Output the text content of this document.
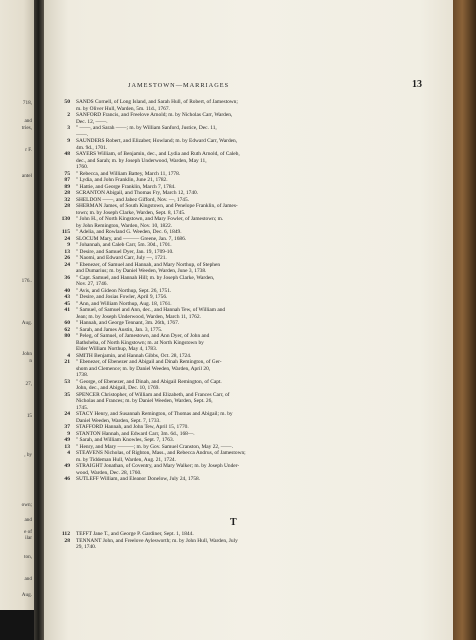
718,
and
tries,
r F.
antel
176..
Aug.
John
n
27,
15
, by
own;
and
e of
ilar
ton,
and
Aug.
JAMESTOWN—MARRIAGES	13
50 SANDS Cornell, of Long Island, and Sarah Hull, of Robert, of Jamestown;
m. by Oliver Hull, Warden, 5m. 11d., 1767.
2 SANFORD Francis, and Freelove Arnold; m. by Nicholas Carr, Warden,
Dec. 12, ——.
3 " ——, and Sarah ——; m. by William Sanford, Justice, Dec. 11,
——.
9 SAUNDERS Robert, and Elizabet; Howland; m. by Edward Carr, Warden,
4m. 9d., 1701.
48 SAYERS William, of Benjamin, dec., and Lydia and Ruth Arnold, of Caleb,
dec., and Sarah; m. by Joseph Underwood, Warden, May 11,
1760.
75 " Rebecca, and William Battey, March 11, 1778.
87 " Lydia, and John Franklin, June 21, 1782.
89 " Hattie, and George Franklin, March 7, 1784.
28 SCRANTON Abigail, and Thomas Fry, March 12, 1740.
32 SHELDON ——, and Jabez Gifford, Nov. —, 1745.
28 SHERMAN James, of South Kingstown, and Penelope Franklin, of James-
town; m. by Joseph Clarke, Warden, Sept. 8, 1745.
130 " John H., of North Kingstown, and Mary Fowler, of Jamestown; m.
by John Remington, Warden, Nov. 10, 1822.
115 " Adelia, and Rowland G. Weeden, Dec. 6, 1849.
24 SLOCUM Mary, and ——— Greene, Jan. 7, 1686.
9 " Johannah, and Caleb Carr, 5m. 30d., 1701.
13 " Desire, and Samuel Dyer, Jan. 19, 1709-10.
26 " Naomi, and Edward Carr, July —, 1721.
24 " Ebenezer, of Samuel and Hannah, and Mary Northup, of Stephen
and Dumarius; m. by Daniel Weeden, Warden, June 3, 1738.
36 " Capt. Samuel, and Hannah Hill; m. by Joseph Clarke, Warden,
Nov. 27, 1746.
40 " Avis, and Gideon Northup, Sept. 26, 1751.
43 " Desire, and Josias Fowler, April 9, 1756.
45 " Ann, and William Northup, Aug. 18, 1761.
41 " Samuel, of Samuel and Ann, dec., and Hannah Tew, of William and
Jean; m. by Joseph Underwood, Warden, March 11, 1762.
60 " Hannah, and George Tennant, 3m. 26th, 1767.
62 " Sarah, and James Austin, Jan. 3, 1775.
80 " Peleg, of Samuel, of Jamestown, and Ann Dyer, of John and
Bathsheba, of North Kingstown; m. at North Kingstown by
Elder William Northup, May 4, 1783.
4 SMITH Benjamin, and Hannah Gibbs, Oct. 28, 1724.
21 " Ebenezer, of Ebenezer and Abigail and Dinah Remington, of Ger-
shom and Clemence; m. by Daniel Weeden, Warden, April 20,
1738.
53 " George, of Ebenezer, and Dinah, and Abigail Remington, of Capt.
John, dec., and Abigail, Dec. 10, 1769.
35 SPENCER Christopher, of William and Elizabeth, and Frances Carr, of
Nicholas and Frances; m. by Daniel Weeden, Warden, Sept. 26,
1745.
24 STACY Henry, and Susannah Remington, of Thomas and Abigail; m. by
Daniel Weeden, Warden, Sept. 7, 1733.
37 STAFFORD Hannah, and John Tew, April 15, 1770.
9 STANTON Hannah, and Edward Carr, 3m. 6d., 168—.
49 " Sarah, and William Knowles, Sept. 7, 1763.
13 " Henry, and Mary ———; m. by Gov. Samuel Cranston, May 22, ——.
4 STEAVENS Nicholas, of Righton, Mass., and Rebecca Andrus, of Jamestown;
m. by Tiddeman Hull, Warden, Aug. 21, 1724.
49 STRAIGHT Jonathan, of Coventry, and Mary Walker; m. by Joseph Under-
wood, Warden, Dec. 28, 1760.
46 SUTLEFF William, and Eleanor Donelow, July 24, 1758.
T
112 TEFFT Jane T., and George P. Gardiner, Sept. 1, 1844.
28 TENNANT John, and Freelove Aylesworth; m. by John Hull, Warden, July
29, 1740.
